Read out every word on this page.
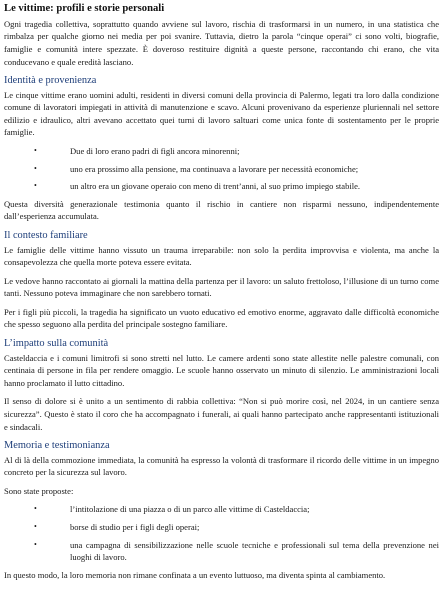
Le vittime: profili e storie personali

Ogni tragedia collettiva, soprattutto quando avviene sul lavoro, rischia di trasformarsi in un numero, in una statistica che rimbalza per qualche giorno nei media per poi svanire. Tuttavia, dietro la parola “cinque operai” ci sono volti, biografie, famiglie e comunità intere spezzate. È doveroso restituire dignità a queste persone, raccontando chi erano, che vita conducevano e quale eredità lasciano.

Identità e provenienza

Le cinque vittime erano uomini adulti, residenti in diversi comuni della provincia di Palermo, legati tra loro dalla condizione comune di lavoratori impiegati in attività di manutenzione e scavo. Alcuni provenivano da esperienze pluriennali nel settore edilizio e idraulico, altri avevano accettato quei turni di lavoro saltuari come unica fonte di sostentamento per le proprie famiglie.

•	Due di loro erano padri di figli ancora minorenni;
•	uno era prossimo alla pensione, ma continuava a lavorare per necessità economiche;
•	un altro era un giovane operaio con meno di trent’anni, al suo primo impiego stabile.

Questa diversità generazionale testimonia quanto il rischio in cantiere non risparmi nessuno, indipendentemente dall’esperienza accumulata.

Il contesto familiare

Le famiglie delle vittime hanno vissuto un trauma irreparabile: non solo la perdita improvvisa e violenta, ma anche la consapevolezza che quella morte poteva essere evitata.

Le vedove hanno raccontato ai giornali la mattina della partenza per il lavoro: un saluto frettoloso, l’illusione di un turno come tanti. Nessuno poteva immaginare che non sarebbero tornati.

Per i figli più piccoli, la tragedia ha significato un vuoto educativo ed emotivo enorme, aggravato dalle difficoltà economiche che spesso seguono alla perdita del principale sostegno familiare.

L’impatto sulla comunità

Casteldaccia e i comuni limitrofi si sono stretti nel lutto. Le camere ardenti sono state allestite nelle palestre comunali, con centinaia di persone in fila per rendere omaggio. Le scuole hanno osservato un minuto di silenzio. Le amministrazioni locali hanno proclamato il lutto cittadino.

Il senso di dolore si è unito a un sentimento di rabbia collettiva: “Non si può morire così, nel 2024, in un cantiere senza sicurezza”. Questo è stato il coro che ha accompagnato i funerali, ai quali hanno partecipato anche rappresentanti istituzionali e sindacali.

Memoria e testimonianza

Al di là della commozione immediata, la comunità ha espresso la volontà di trasformare il ricordo delle vittime in un impegno concreto per la sicurezza sul lavoro.

Sono state proposte:

•	l’intitolazione di una piazza o di un parco alle vittime di Casteldaccia;
•	borse di studio per i figli degli operai;
•	una campagna di sensibilizzazione nelle scuole tecniche e professionali sul tema della prevenzione nei luoghi di lavoro.

In questo modo, la loro memoria non rimane confinata a un evento luttuoso, ma diventa spinta al cambiamento.
